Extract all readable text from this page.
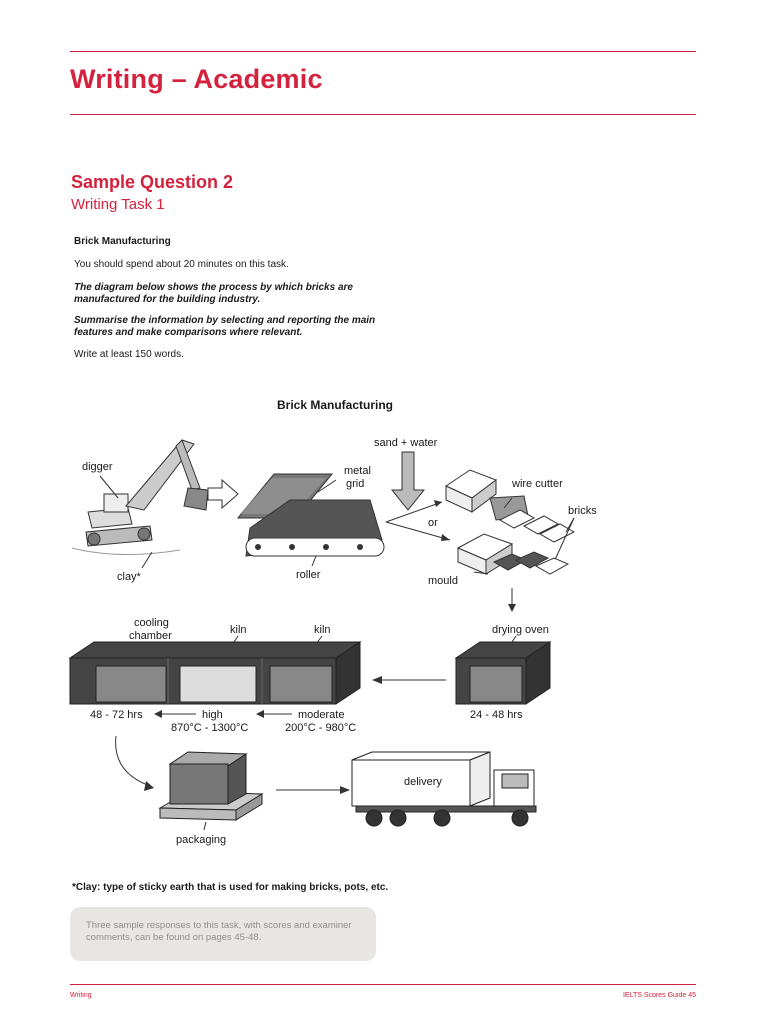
Writing – Academic
Sample Question 2
Writing Task 1
Brick Manufacturing
You should spend about 20 minutes on this task.
The diagram below shows the process by which bricks are manufactured for the building industry.
Summarise the information by selecting and reporting the main features and make comparisons where relevant.
Write at least 150 words.
Brick Manufacturing
digger
clay*
metal
grid
roller
sand + water
or
wire cutter
bricks
mould
cooling
chamber	kiln	kiln	drying oven
48 - 72 hrs	high
870°C - 1300°C
moderate
200°C - 980°C
24 - 48 hrs
packaging
delivery
*Clay: type of sticky earth that is used for making bricks, pots, etc.
Three sample responses to this task, with scores and examiner comments, can be found on pages 45-48.
Writing	IELTS Scores Guide 45
